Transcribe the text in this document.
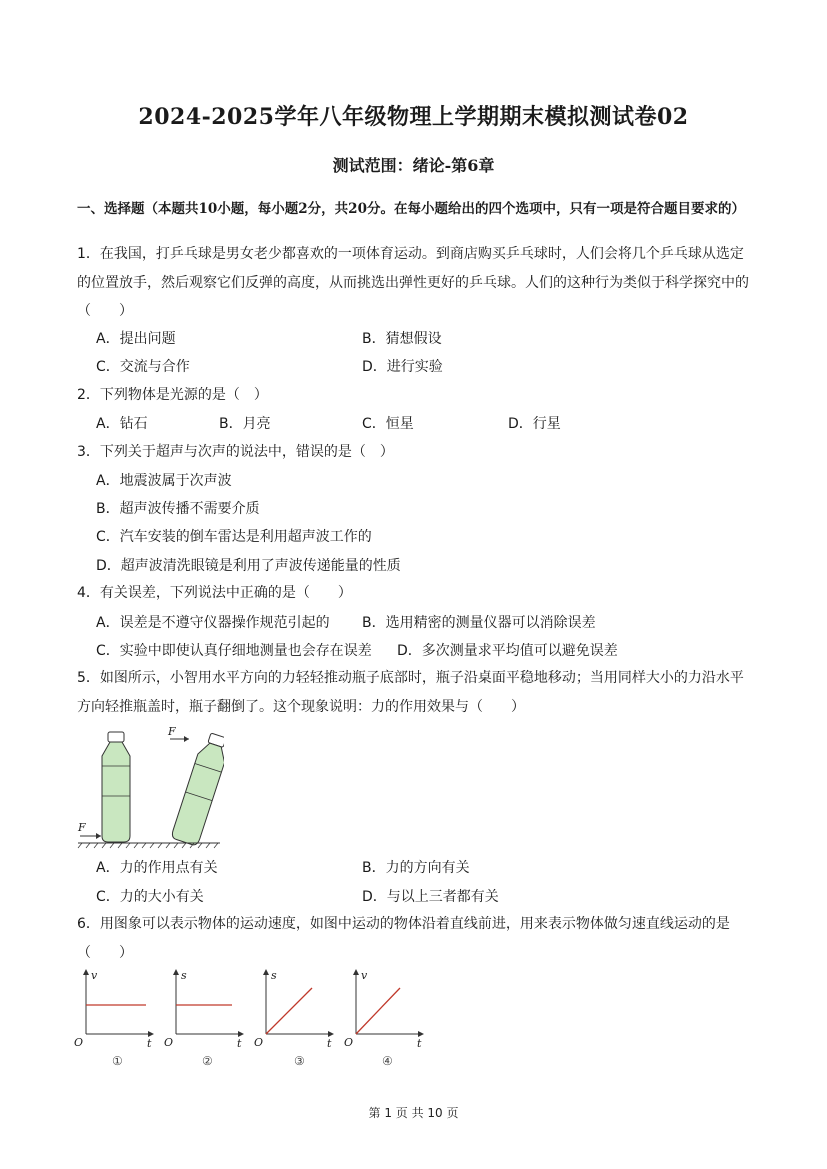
2024-2025学年八年级物理上学期期末模拟测试卷02
测试范围：绪论-第6章
一、选择题（本题共10小题，每小题2分，共20分。在每小题给出的四个选项中，只有一项是符合题目要求的）
1．在我国，打乒乓球是男女老少都喜欢的一项体育运动。到商店购买乒乓球时，人们会将几个乒乓球从选定的位置放手，然后观察它们反弹的高度，从而挑选出弹性更好的乒乓球。人们的这种行为类似于科学探究中的（　　）
A．提出问题	B．猜想假设
C．交流与合作	D．进行实验
2．下列物体是光源的是（　）
A．钻石	B．月亮	C．恒星	D．行星
3．下列关于超声与次声的说法中，错误的是（　）
A．地震波属于次声波
B．超声波传播不需要介质
C．汽车安装的倒车雷达是利用超声波工作的
D．超声波清洗眼镜是利用了声波传递能量的性质
4．有关误差，下列说法中正确的是（　　）
A．误差是不遵守仪器操作规范引起的 B．选用精密的测量仪器可以消除误差
C．实验中即使认真仔细地测量也会存在误差 D．多次测量求平均值可以避免误差
5．如图所示，小智用水平方向的力轻轻推动瓶子底部时，瓶子沿桌面平稳地移动；当用同样大小的力沿水平方向轻推瓶盖时，瓶子翻倒了。这个现象说明：力的作用效果与（　　）
F
F
A．力的作用点有关	B．力的方向有关
C．力的大小有关	D．与以上三者都有关
6．用图象可以表示物体的运动速度，如图中运动的物体沿着直线前进，用来表示物体做匀速直线运动的是（　　）
v
t
O
①
s
t
O
②
s
t
O
③
v
t
O
④
第 1 页 共 10 页
